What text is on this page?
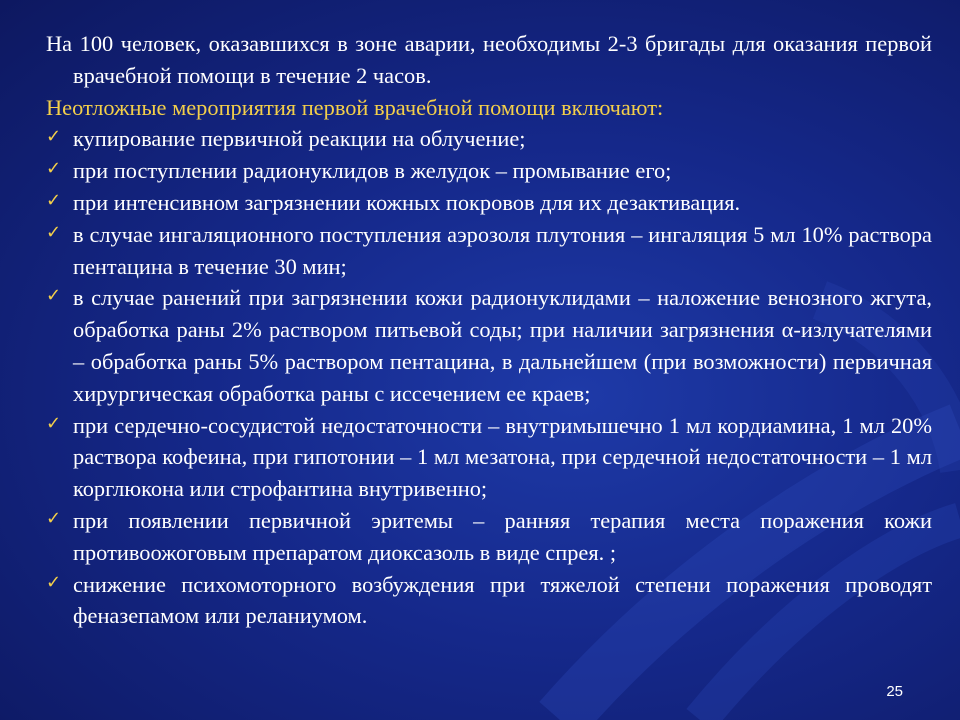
На 100 человек, оказавшихся в зоне аварии, необходимы 2-3 бригады для оказания первой врачебной помощи в течение 2 часов.
Неотложные мероприятия первой врачебной помощи включают:
✓ купирование первичной реакции на облучение;
✓ при поступлении радионуклидов в желудок – промывание его;
✓ при интенсивном загрязнении кожных покровов для их дезактивация.
✓ в случае ингаляционного поступления аэрозоля плутония – ингаляция 5 мл 10% раствора пентацина в течение 30 мин;
✓ в случае ранений при загрязнении кожи радионуклидами – наложение венозного жгута, обработка раны 2% раствором питьевой соды; при наличии загрязнения α-излучателями – обработка раны 5% раствором пентацина, в дальнейшем (при возможности) первичная хирургическая обработка раны с иссечением ее краев;
✓ при сердечно-сосудистой недостаточности – внутримышечно 1 мл кордиамина, 1 мл 20% раствора кофеина, при гипотонии – 1 мл мезатона, при сердечной недостаточности – 1 мл корглюкона или строфантина внутривенно;
✓ при появлении первичной эритемы – ранняя терапия места поражения кожи противоожоговым препаратом диоксазоль в виде спрея. ;
✓ снижение психомоторного возбуждения при тяжелой степени поражения проводят феназепамом или реланиумом.
25
